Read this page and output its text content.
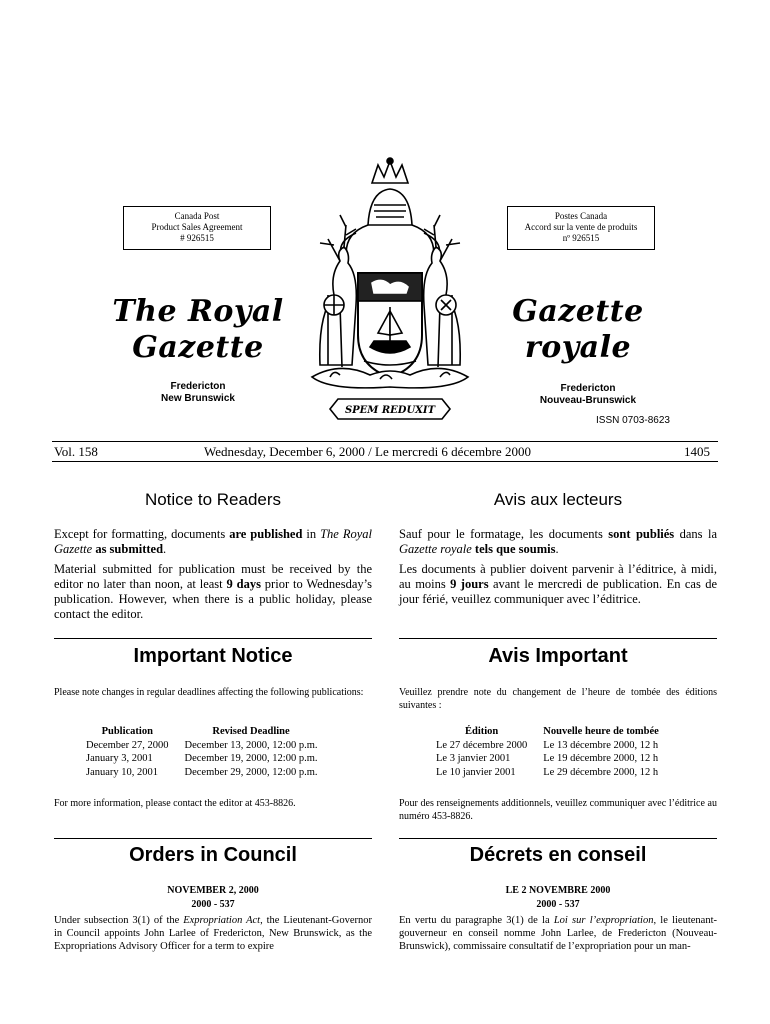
Canada Post
Product Sales Agreement
# 926515
Postes Canada
Accord sur la vente de produits
nº 926515
The Royal
Gazette
Gazette
royale
Fredericton
New Brunswick
Fredericton
Nouveau-Brunswick
SPEM REDUXIT
ISSN 0703-8623
Vol. 158	Wednesday, December 6, 2000 / Le mercredi 6 décembre 2000	1405
Notice to Readers	Avis aux lecteurs

Except for formatting, documents are published in The Royal Gazette as submitted.

Material submitted for publication must be received by the editor no later than noon, at least 9 days prior to Wednesday’s publication. However, when there is a public holiday, please contact the editor.

Sauf pour le formatage, les documents sont publiés dans la Gazette royale tels que soumis.

Les documents à publier doivent parvenir à l’éditrice, à midi, au moins 9 jours avant le mercredi de publication. En cas de jour férié, veuillez communiquer avec l’éditrice.

Important Notice	Avis Important
Please note changes in regular deadlines affecting the following publications:	Veuillez prendre note du changement de l’heure de tombée des éditions suivantes :
Publication	Revised Deadline
December 27, 2000	December 13, 2000, 12:00 p.m.
January 3, 2001	December 19, 2000, 12:00 p.m.
January 10, 2001	December 29, 2000, 12:00 p.m.
Édition	Nouvelle heure de tombée
Le 27 décembre 2000	Le 13 décembre 2000, 12 h
Le 3 janvier 2001	Le 19 décembre 2000, 12 h
Le 10 janvier 2001	Le 29 décembre 2000, 12 h
For more information, please contact the editor at 453-8826.	Pour des renseignements additionnels, veuillez communiquer avec l’éditrice au numéro 453-8826.
Orders in Council	Décrets en conseil
NOVEMBER 2, 2000
2000 - 537
LE 2 NOVEMBRE 2000
2000 - 537
Under subsection 3(1) of the Expropriation Act, the Lieutenant-Governor in Council appoints John Larlee of Fredericton, New Brunswick, as the Expropriations Advisory Officer for a term to expire
En vertu du paragraphe 3(1) de la Loi sur l’expropriation, le lieutenant-gouverneur en conseil nomme John Larlee, de Fredericton (Nouveau-Brunswick), commissaire consultatif de l’expropriation pour un man-
